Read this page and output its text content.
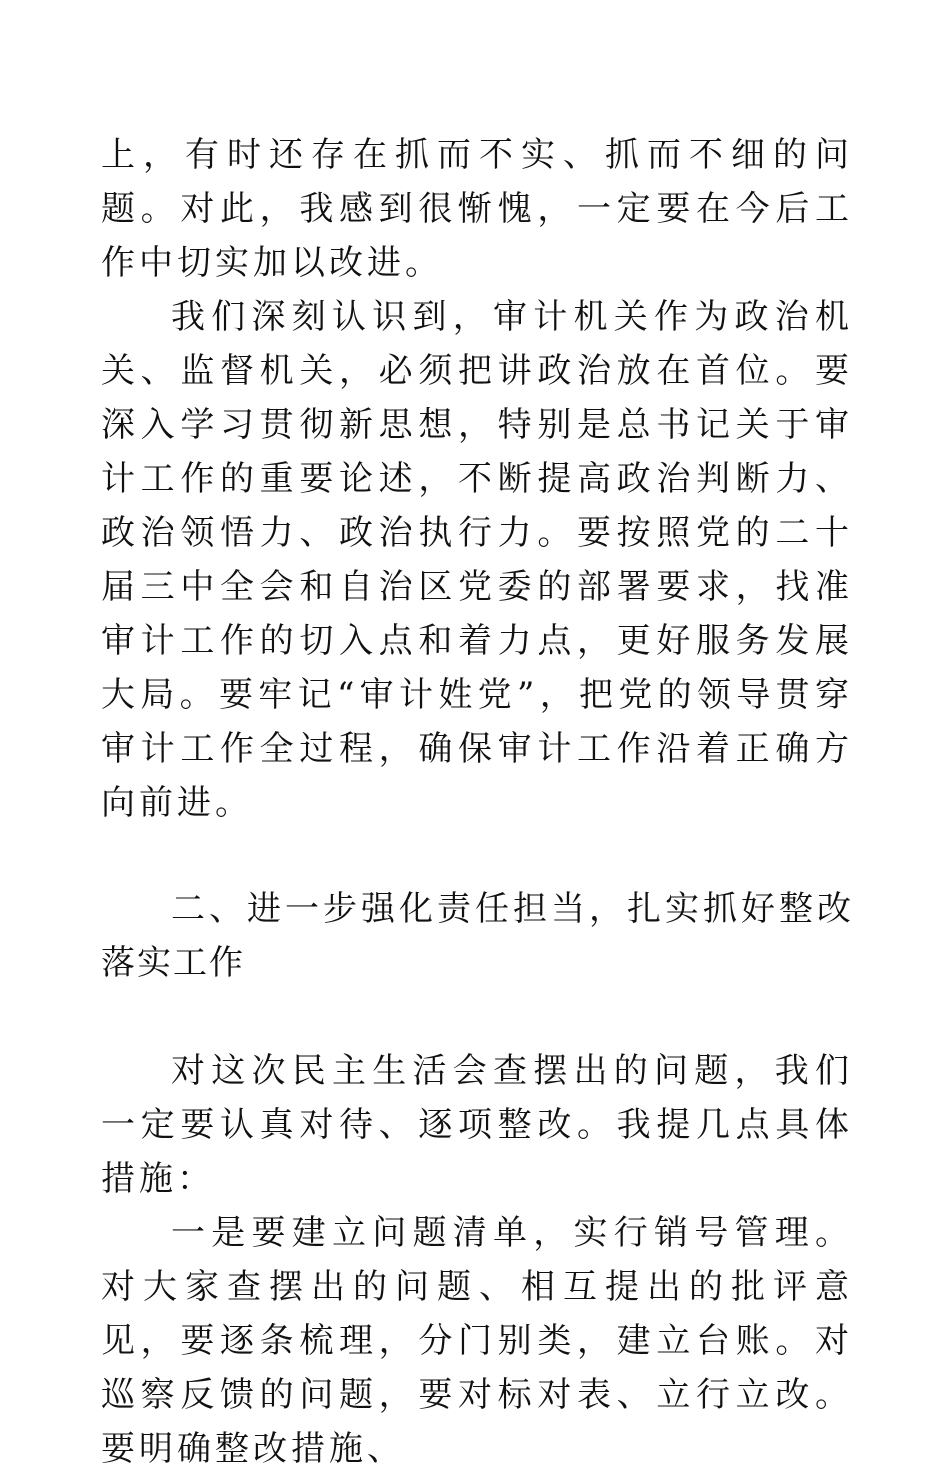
上，有时还存在抓而不实、抓而不细的问题。对此，我感到很惭愧，一定要在今后工作中切实加以改进。

我们深刻认识到，审计机关作为政治机关、监督机关，必须把讲政治放在首位。要深入学习贯彻新思想，特别是总书记关于审计工作的重要论述，不断提高政治判断力、政治领悟力、政治执行力。要按照党的二十届三中全会和自治区党委的部署要求，找准审计工作的切入点和着力点，更好服务发展大局。要牢记“审计姓党”，把党的领导贯穿审计工作全过程，确保审计工作沿着正确方向前进。

二、进一步强化责任担当，扎实抓好整改落实工作

对这次民主生活会查摆出的问题，我们一定要认真对待、逐项整改。我提几点具体措施：

一是要建立问题清单，实行销号管理。对大家查摆出的问题、相互提出的批评意见，要逐条梳理，分门别类，建立台账。对巡察反馈的问题，要对标对表、立行立改。要明确整改措施、
